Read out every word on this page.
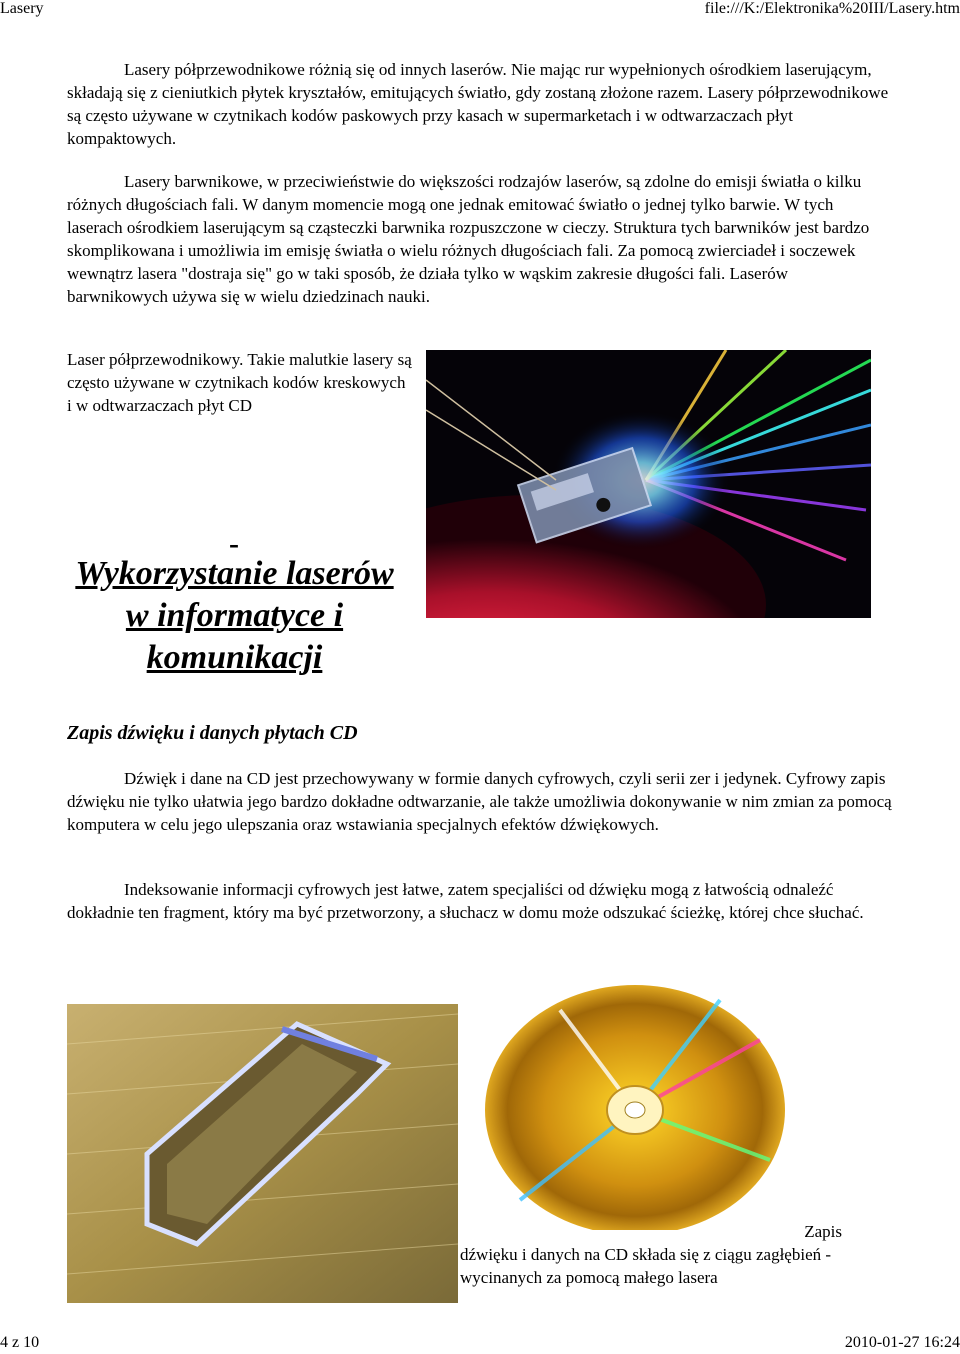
Lasery	file:///K:/Elektronika%20III/Lasery.htm

Lasery półprzewodnikowe różnią się od innych laserów. Nie mając rur wypełnionych ośrodkiem laserującym, składają się z cieniutkich płytek kryształów, emitujących światło, gdy zostaną złożone razem. Lasery półprzewodnikowe są często używane w czytnikach kodów paskowych przy kasach w supermarketach i w odtwarzaczach płyt kompaktowych.

Lasery barwnikowe, w przeciwieństwie do większości rodzajów laserów, są zdolne do emisji światła o kilku różnych długościach fali. W danym momencie mogą one jednak emitować światło o jednej tylko barwie. W tych laserach ośrodkiem laserującym są cząsteczki barwnika rozpuszczone w cieczy. Struktura tych barwników jest bardzo skomplikowana i umożliwia im emisję światła o wielu różnych długościach fali. Za pomocą zwierciadeł i soczewek wewnątrz lasera "dostraja się" go w taki sposób, że działa tylko w wąskim zakresie długości fali. Laserów barwnikowych używa się w wielu dziedzinach nauki.

Laser półprzewodnikowy. Takie malutkie lasery są często używane w czytnikach kodów kreskowych i w odtwarzaczach płyt CD

-
Wykorzystanie laserów w informatyce i komunikacji
Zapis dźwięku i danych płytach CD

Dźwięk i dane na CD jest przechowywany w formie danych cyfrowych, czyli serii zer i jedynek. Cyfrowy zapis dźwięku nie tylko ułatwia jego bardzo dokładne odtwarzanie, ale także umożliwia dokonywanie w nim zmian za pomocą komputera w celu jego ulepszania oraz wstawiania specjalnych efektów dźwiękowych.

Indeksowanie informacji cyfrowych jest łatwe, zatem specjaliści od dźwięku mogą z łatwością odnaleźć dokładnie ten fragment, który ma być przetworzony, a słuchacz w domu może odszukać ścieżkę, której chce słuchać.

Zapis
dźwięku i danych na CD składa się z ciągu zagłębień - wycinanych za pomocą małego lasera

4 z 10	2010-01-27 16:24
